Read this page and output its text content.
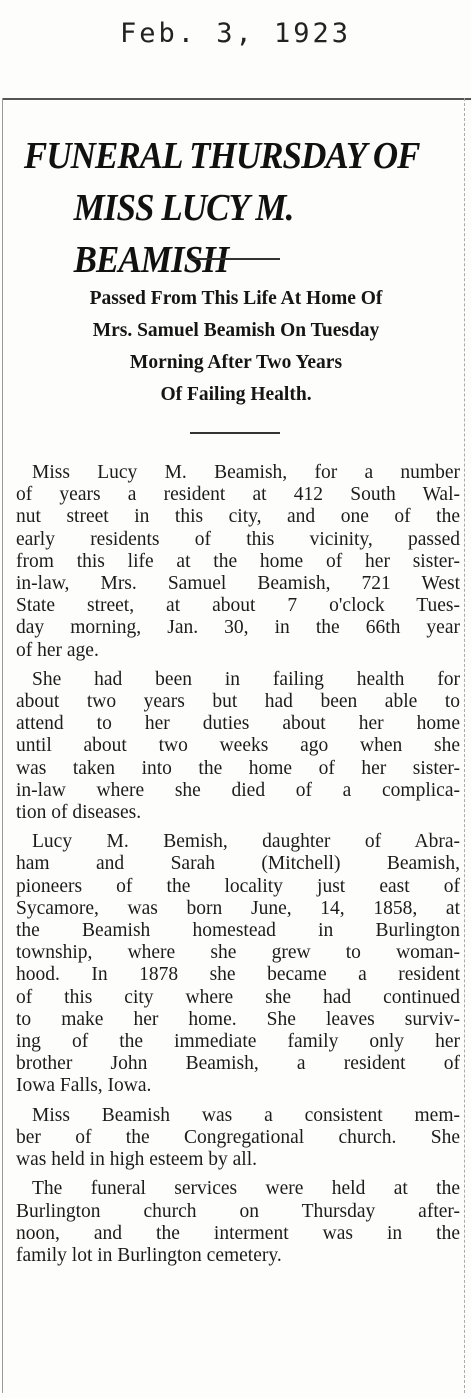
Feb. 3, 1923
FUNERAL THURSDAY OF
MISS LUCY M. BEAMISH
Passed From This Life At Home Of
Mrs. Samuel Beamish On Tuesday
Morning After Two Years
Of Failing Health.
Miss Lucy M. Beamish, for a number
of years a resident at 412 South Wal-
nut street in this city, and one of the
early residents of this vicinity, passed
from this life at the home of her sister-
in-law, Mrs. Samuel Beamish, 721 West
State street, at about 7 o'clock Tues-
day morning, Jan. 30, in the 66th year
of her age.
She had been in failing health for
about two years but had been able to
attend to her duties about her home
until about two weeks ago when she
was taken into the home of her sister-
in-law where she died of a complica-
tion of diseases.
Lucy M. Bemish, daughter of Abra-
ham and Sarah (Mitchell) Beamish,
pioneers of the locality just east of
Sycamore, was born June, 14, 1858, at
the Beamish homestead in Burlington
township, where she grew to woman-
hood. In 1878 she became a resident
of this city where she had continued
to make her home. She leaves surviv-
ing of the immediate family only her
brother John Beamish, a resident of
Iowa Falls, Iowa.
Miss Beamish was a consistent mem-
ber of the Congregational church. She
was held in high esteem by all.
The funeral services were held at the
Burlington church on Thursday after-
noon, and the interment was in the
family lot in Burlington cemetery.
